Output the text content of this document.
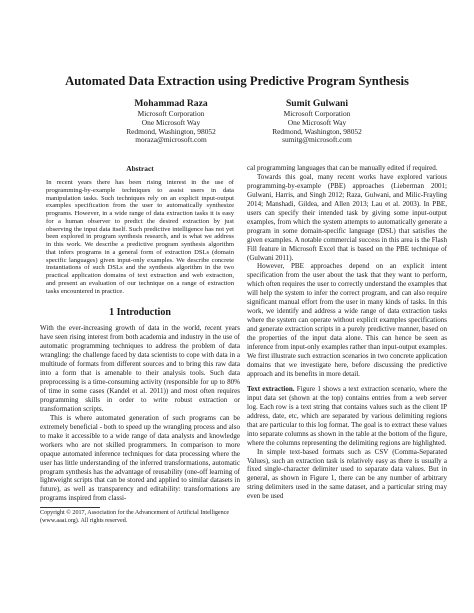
Automated Data Extraction using Predictive Program Synthesis
Mohammad Raza
Microsoft Corporation
One Microsoft Way
Redmond, Washington, 98052
moraza@microsoft.com
Sumit Gulwani
Microsoft Corporation
One Microsoft Way
Redmond, Washington, 98052
sumitg@microsoft.com
Abstract

In recent years there has been rising interest in the use of programming-by-example techniques to assist users in data manipulation tasks. Such techniques rely on an explicit input-output examples specification from the user to automatically synthesize programs. However, in a wide range of data extraction tasks it is easy for a human observer to predict the desired extraction by just observing the input data itself. Such predictive intelligence has not yet been explored in program synthesis research, and is what we address in this work. We describe a predictive program synthesis algorithm that infers programs in a general form of extraction DSLs (domain specific languages) given input-only examples. We describe concrete instantiations of such DSLs and the synthesis algorithm in the two practical application domains of text extraction and web extraction, and present an evaluation of our technique on a range of extraction tasks encountered in practice.

1 Introduction

With the ever-increasing growth of data in the world, recent years have seen rising interest from both academia and industry in the use of automatic programming techniques to address the problem of data wrangling: the challenge faced by data scientists to cope with data in a multitude of formats from different sources and to bring this raw data into a form that is amenable to their analysis tools. Such data preprocessing is a time-consuming activity (responsible for up to 80% of time in some cases (Kandel et al. 2011)) and most often requires programming skills in order to write robust extraction or transformation scripts.

This is where automated generation of such programs can be extremely beneficial - both to speed up the wrangling process and also to make it accessible to a wide range of data analysts and knowledge workers who are not skilled programmers. In comparison to more opaque automated inference techniques for data processing where the user has little understanding of the inferred transformations, automatic program synthesis has the advantage of reusability (one-off learning of lightweight scripts that can be stored and applied to similar datasets in future), as well as transparency and editability: transformations are programs inspired from classi-

Copyright © 2017, Association for the Advancement of Artificial Intelligence (www.aaai.org). All rights reserved.

cal programming languages that can be manually edited if required.

Towards this goal, many recent works have explored various programming-by-example (PBE) approaches (Lieberman 2001; Gulwani, Harris, and Singh 2012; Raza, Gulwani, and Milic-Frayling 2014; Manshadi, Gildea, and Allen 2013; Lau et al. 2003). In PBE, users can specify their intended task by giving some input-output examples, from which the system attempts to automatically generate a program in some domain-specific language (DSL) that satisfies the given examples. A notable commercial success in this area is the Flash Fill feature in Microsoft Excel that is based on the PBE technique of (Gulwani 2011).

However, PBE approaches depend on an explicit intent specification from the user about the task that they want to perform, which often requires the user to correctly understand the examples that will help the system to infer the correct program, and can also require significant manual effort from the user in many kinds of tasks. In this work, we identify and address a wide range of data extraction tasks where the system can operate without explicit examples specifications and generate extraction scripts in a purely predictive manner, based on the properties of the input data alone. This can hence be seen as inference from input-only examples rather than input-output examples. We first illustrate such extraction scenarios in two concrete application domains that we investigate here, before discussing the predictive approach and its benefits in more detail.

Text extraction. Figure 1 shows a text extraction scenario, where the input data set (shown at the top) contains entries from a web server log. Each row is a text string that contains values such as the client IP address, date, etc, which are separated by various delimiting regions that are particular to this log format. The goal is to extract these values into separate columns as shown in the table at the bottom of the figure, where the columns representing the delimiting regions are highlighted.

In simple text-based formats such as CSV (Comma-Separated Values), such an extraction task is relatively easy as there is usually a fixed single-character delimiter used to separate data values. But in general, as shown in Figure 1, there can be any number of arbitrary string delimiters used in the same dataset, and a particular string may even be used
